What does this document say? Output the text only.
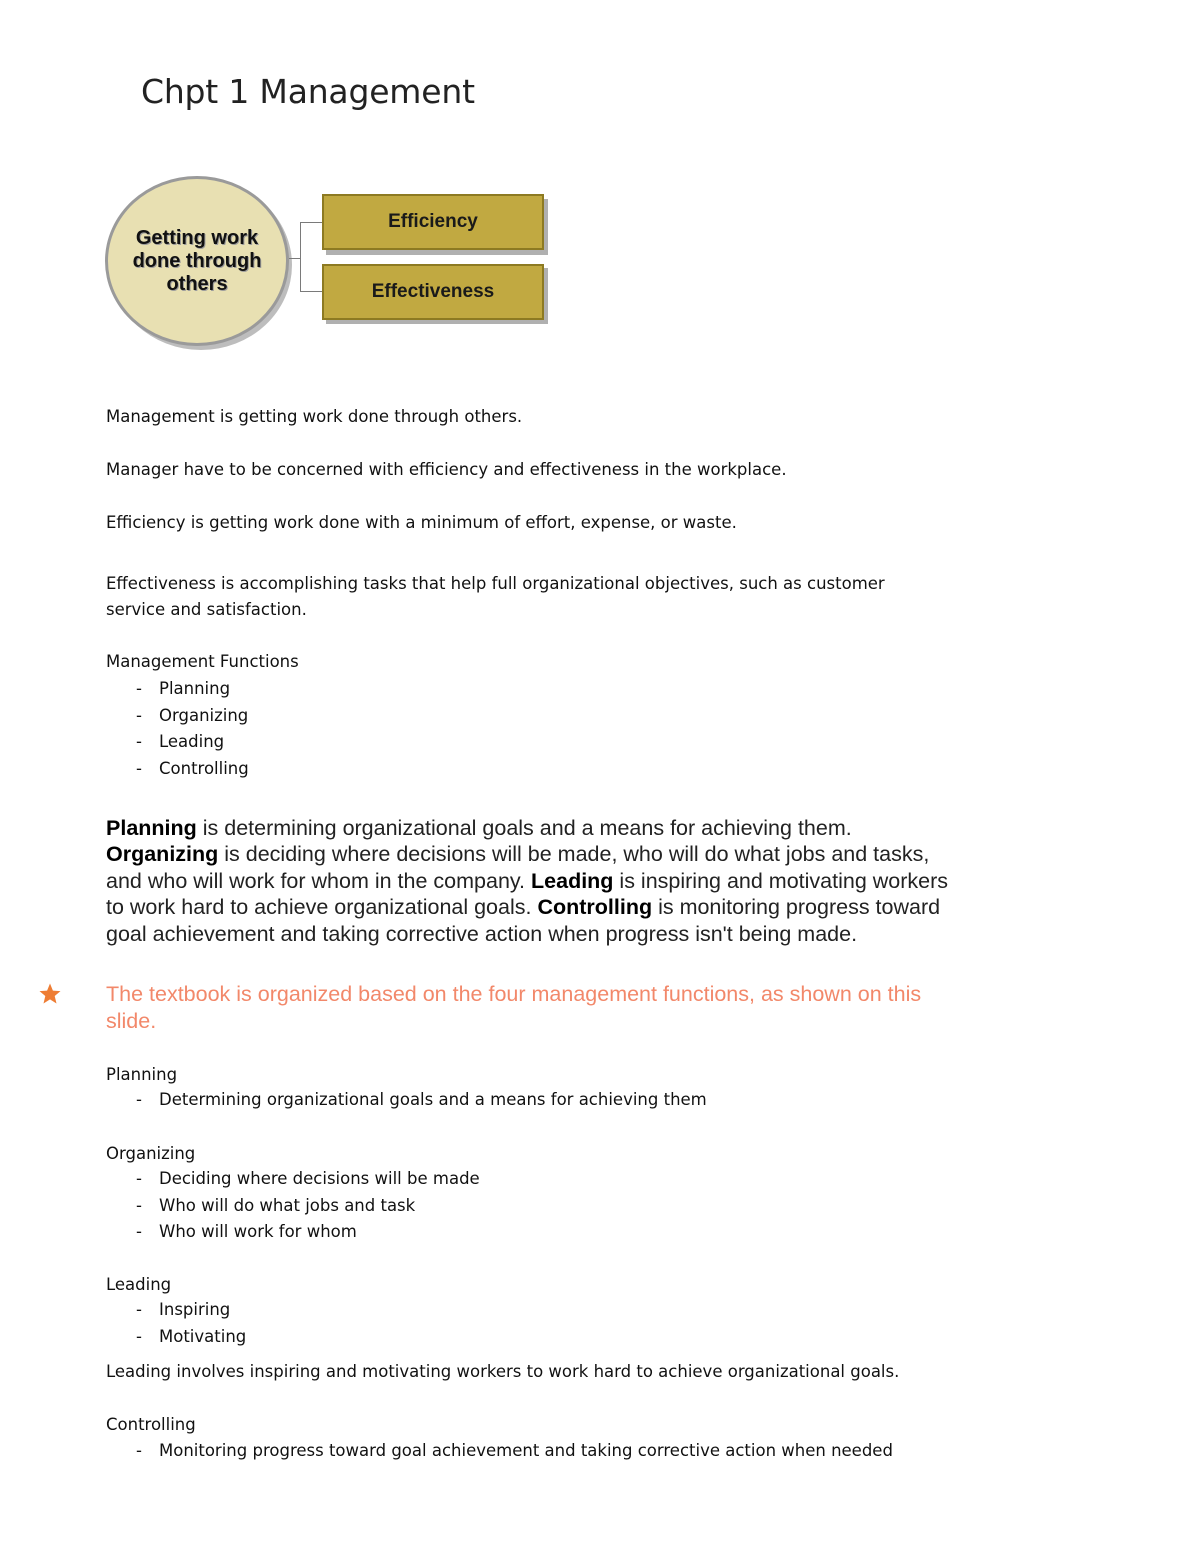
Chpt 1 Management
Getting work done through others
Efficiency
Effectiveness

Management is getting work done through others.

Manager have to be concerned with efficiency and effectiveness in the workplace.

Efficiency is getting work done with a minimum of effort, expense, or waste.

Effectiveness is accomplishing tasks that help full organizational objectives, such as customer service and satisfaction.

Management Functions

- Planning
- Organizing
- Leading
- Controlling

Planning is determining organizational goals and a means for achieving them.
Organizing is deciding where decisions will be made, who will do what jobs and tasks, and who will work for whom in the company. Leading is inspiring and motivating workers to work hard to achieve organizational goals. Controlling is monitoring progress toward goal achievement and taking corrective action when progress isn't being made.

The textbook is organized based on the four management functions, as shown on this slide.

Planning

- Determining organizational goals and a means for achieving them

Organizing

- Deciding where decisions will be made
- Who will do what jobs and task
- Who will work for whom

Leading

- Inspiring
- Motivating

Leading involves inspiring and motivating workers to work hard to achieve organizational goals.

Controlling

- Monitoring progress toward goal achievement and taking corrective action when needed
